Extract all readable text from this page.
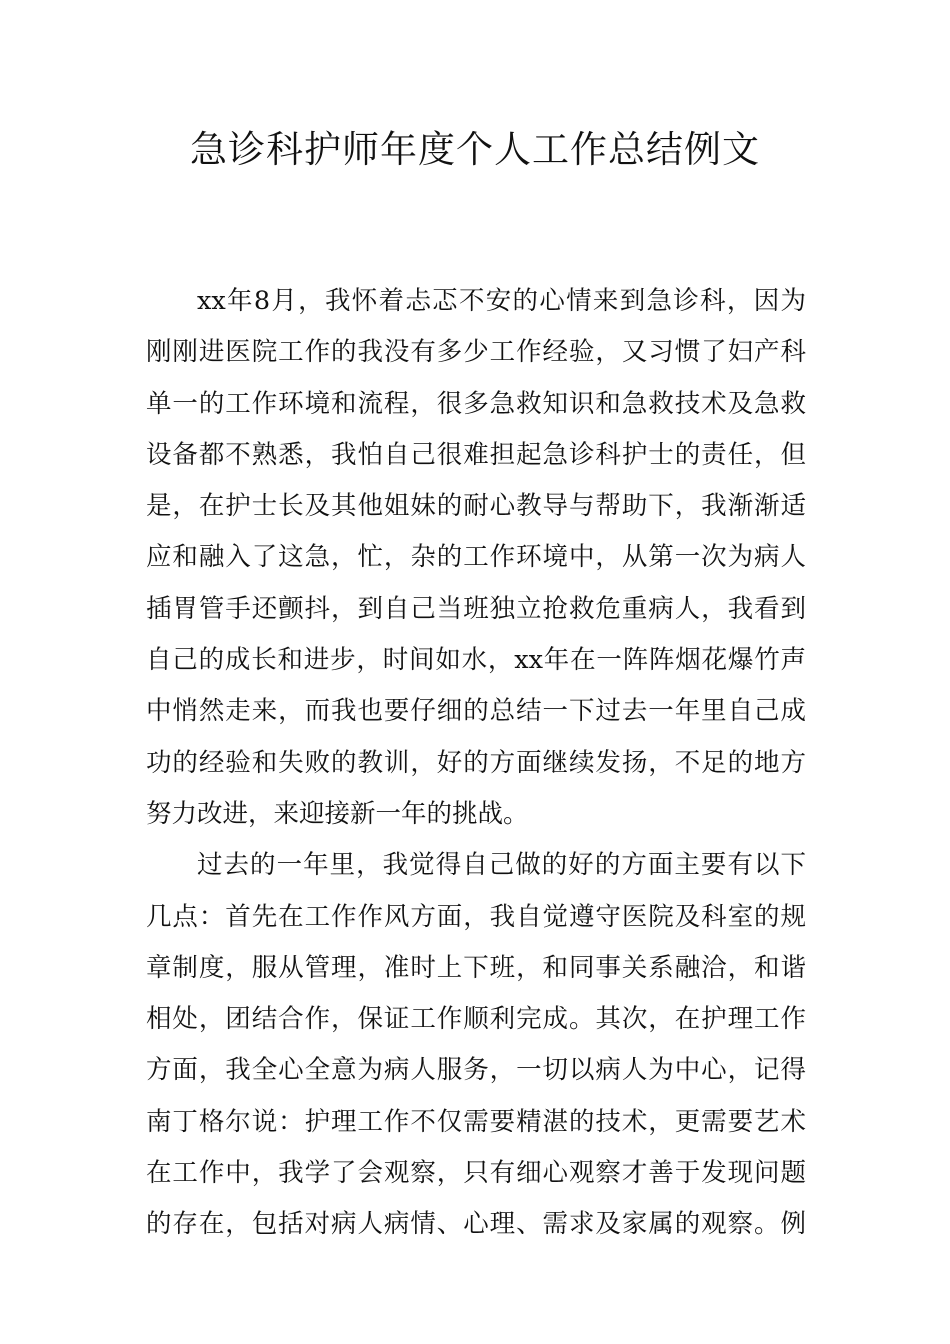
急诊科护师年度个人工作总结例文
xx年8月，我怀着忐忑不安的心情来到急诊科，因为
刚刚进医院工作的我没有多少工作经验，又习惯了妇产科
单一的工作环境和流程，很多急救知识和急救技术及急救
设备都不熟悉，我怕自己很难担起急诊科护士的责任，但
是，在护士长及其他姐妹的耐心教导与帮助下，我渐渐适
应和融入了这急，忙，杂的工作环境中，从第一次为病人
插胃管手还颤抖，到自己当班独立抢救危重病人，我看到
自己的成长和进步，时间如水，xx年在一阵阵烟花爆竹声
中悄然走来，而我也要仔细的总结一下过去一年里自己成
功的经验和失败的教训，好的方面继续发扬，不足的地方
努力改进，来迎接新一年的挑战。
过去的一年里，我觉得自己做的好的方面主要有以下
几点：首先在工作作风方面，我自觉遵守医院及科室的规
章制度，服从管理，准时上下班，和同事关系融洽，和谐
相处，团结合作，保证工作顺利完成。其次，在护理工作
方面，我全心全意为病人服务，一切以病人为中心，记得
南丁格尔说：护理工作不仅需要精湛的技术，更需要艺术
在工作中，我学了会观察，只有细心观察才善于发现问题
的存在，包括对病人病情、心理、需求及家属的观察。例
